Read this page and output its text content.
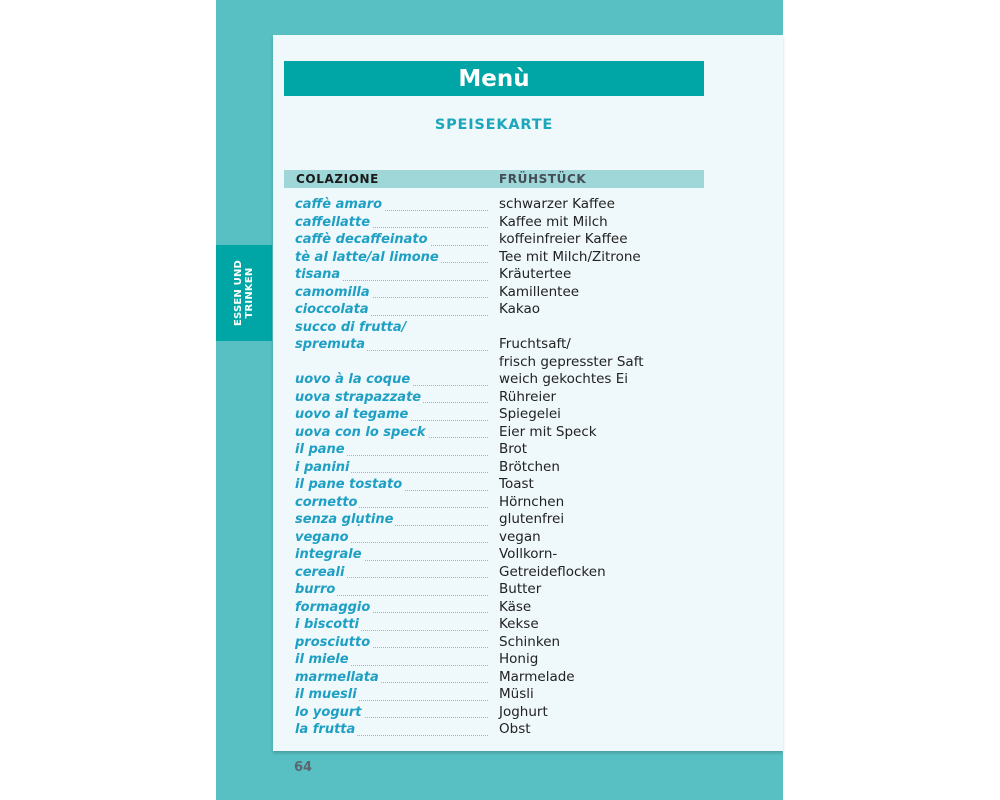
ESSEN UND TRINKEN
Menù
SPEISEKARTE
COLAZIONE	FRÜHSTÜCK
caffè amaro	schwarzer Kaffee
caffellatte	Kaffee mit Milch
caffè decaffeinato	koffeinfreier Kaffee
tè al latte/al limone	Tee mit Milch/Zitrone
tisana	Kräutertee
camomilla	Kamillentee
cioccolata	Kakao
succo di frutta/
spremuta	Fruchtsaft/
frisch gepresster Saft
uovo à la coque	weich gekochtes Ei
uova strapazzate	Rühreier
uovo al tegame	Spiegelei
uova con lo speck	Eier mit Speck
il pane	Brot
i panini	Brötchen
il pane tostato	Toast
cornetto	Hörnchen
senza glụtine	glutenfrei
vegano	vegan
integrale	Vollkorn-
cereali	Getreideflocken
burro	Butter
formaggio	Käse
i biscotti	Kekse
prosciutto	Schinken
il miele	Honig
marmellata	Marmelade
il muesli	Müsli
lo yogurt	Joghurt
la frutta	Obst
64
